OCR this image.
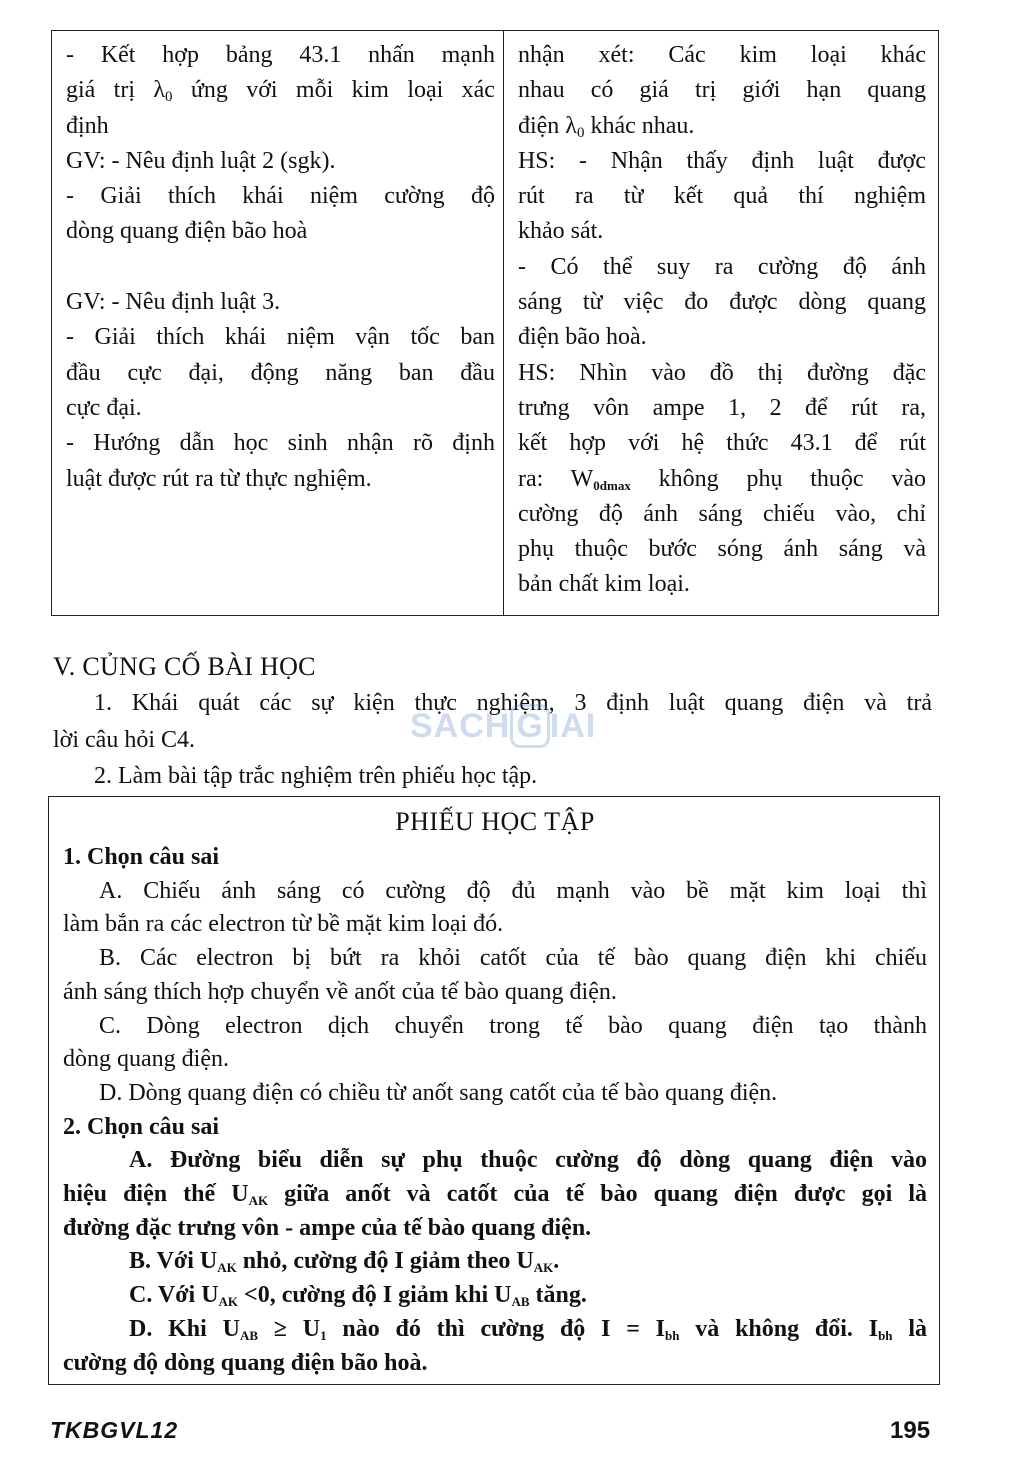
- Kết hợp bảng 43.1 nhấn mạnh
giá trị $\lambda_0$ ứng với mỗi kim loại xác
định
GV: - Nêu định luật 2 (sgk).
- Giải thích khái niệm cường độ
dòng quang điện bão hoà
GV: - Nêu định luật 3.
- Giải thích khái niệm vận tốc ban
đầu cực đại, động năng ban đầu
cực đại.
- Hướng dẫn học sinh nhận rõ định
luật được rút ra từ thực nghiệm.
nhận xét: Các kim loại khác
nhau có giá trị giới hạn quang
điện $\lambda_0$ khác nhau.
HS: - Nhận thấy định luật được
rút ra từ kết quả thí nghiệm
khảo sát.
- Có thể suy ra cường độ ánh
sáng từ việc đo được dòng quang
điện bão hoà.
HS: Nhìn vào đồ thị đường đặc
trưng vôn ampe 1, 2 để rút ra,
kết hợp với hệ thức 43.1 để rút
ra: $W_{0dmax}$ không phụ thuộc vào
cường độ ánh sáng chiếu vào, chỉ
phụ thuộc bước sóng ánh sáng và
bản chất kim loại.
V. CỦNG CỐ BÀI HỌC
1. Khái quát các sự kiện thực nghiệm, 3 định luật quang điện và trả
lời câu hỏi C4.
2. Làm bài tập trắc nghiệm trên phiếu học tập.
SACH G IAI
PHIẾU HỌC TẬP
1. Chọn câu sai
A. Chiếu ánh sáng có cường độ đủ mạnh vào bề mặt kim loại thì
làm bắn ra các electron từ bề mặt kim loại đó.
B. Các electron bị bứt ra khỏi catốt của tế bào quang điện khi chiếu
ánh sáng thích hợp chuyển về anốt của tế bào quang điện.
C. Dòng electron dịch chuyển trong tế bào quang điện tạo thành
dòng quang điện.
D. Dòng quang điện có chiều từ anốt sang catốt của tế bào quang điện.
2. Chọn câu sai
A. Đường biểu diễn sự phụ thuộc cường độ dòng quang điện vào
hiệu điện thế $U_{AK}$ giữa anốt và catốt của tế bào quang điện được gọi là
đường đặc trưng vôn - ampe của tế bào quang điện.
B. Với $U_{AK}$ nhỏ, cường độ I giảm theo $U_{AK}$.
C. Với $U_{AK} <0$, cường độ I giảm khi $U_{AB}$ tăng.
D. Khi $U_{AB} \ge U_1$ nào đó thì cường độ $I = I_{bh}$ và không đổi. $I_{bh}$ là
cường độ dòng quang điện bão hoà.
TKBGVL12	195
